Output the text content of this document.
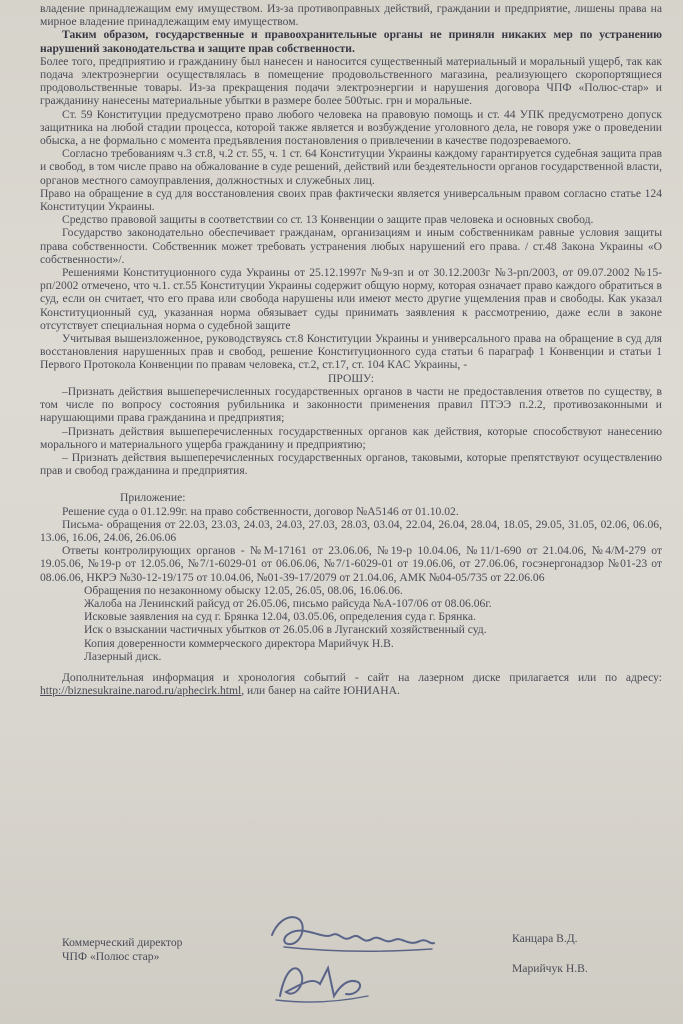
владение принадлежащим ему имуществом. Из-за противоправных действий, граждании и предприятие, лишены права на мирное владение принадлежащим ему имуществом.

Таким образом, государственные и правоохранительные органы не приняли никаких мер по устранению нарушений законодательства и защите прав собственности.

Более того, предприятию и гражданину был нанесен и наносится существенный материальный и моральный ущерб, так как подача электроэнергии осуществлялась в помещение продовольственного магазина, реализующего скоропортящиеся продовольственные товары. Из-за прекращения подачи электроэнергии и нарушения договора ЧПФ «Полюс-стар» и гражданину нанесены материальные убытки в размере более 500тыс. грн и моральные.

Ст. 59 Конституции предусмотрено право любого человека на правовую помощь и ст. 44 УПК предусмотрено допуск защитника на любой стадии процесса, которой также является и возбуждение уголовного дела, не говоря уже о проведении обыска, а не формально с момента предъявления постановления о привлечении в качестве подозреваемого.

Согласно требованиям ч.3 ст.8, ч.2 ст. 55, ч. 1 ст. 64 Конституции Украины каждому гарантируется судебная защита прав и свобод, в том числе право на обжалование в суде решений, действий или бездеятельности органов государственной власти, органов местного самоуправления, должностных и служебных лиц.

Право на обращение в суд для восстановления своих прав фактически является универсальным правом согласно статье 124 Конституции Украины.

Средство правовой защиты в соответствии со ст. 13 Конвенции о защите прав человека и основных свобод.

Государство законодательно обеспечивает гражданам, организациям и иным собственникам равные условия защиты права собственности. Собственник может требовать устранения любых нарушений его права. / ст.48 Закона Украины «О собственности»/.

Решениями Конституционного суда Украины от 25.12.1997г №9-зп и от 30.12.2003г №3-рп/2003, от 09.07.2002 №15-рп/2002 отмечено, что ч.1. ст.55 Конституции Украины содержит общую норму, которая означает право каждого обратиться в суд, если он считает, что его права или свобода нарушены или имеют место другие ущемления прав и свободы. Как указал Конституционный суд, указанная норма обязывает суды принимать заявления к рассмотрению, даже если в законе отсутствует специальная норма о судебной защите

Учитывая вышеизложенное, руководствуясь ст.8 Конституции Украины и универсального права на обращение в суд для восстановления нарушенных прав и свобод, решение Конституционного суда статьи 6 параграф 1 Конвенции и статьи 1 Первого Протокола Конвенции по правам человека, ст.2, ст.17, ст. 104 КАС Украины, -

ПРОШУ:

–Признать действия вышеперечисленных государственных органов в части не предоставления ответов по существу, в том числе по вопросу состояния рубильника и законности применения правил ПТЭЭ п.2.2, противозаконными и нарушающими права гражданина и предприятия;

–Признать действия вышеперечисленных государственных органов как действия, которые способствуют нанесению морального и материального ущерба гражданину и предприятию;

– Признать действия вышеперечисленных государственных органов, таковыми, которые препятствуют осуществлению прав и свобод гражданина и предприятия.

Приложение:

Решение суда о 01.12.99г. на право собственности, договор №А5146 от 01.10.02.

Письма- обращения от 22.03, 23.03, 24.03, 24.03, 27.03, 28.03, 03.04, 22.04, 26.04, 28.04, 18.05, 29.05, 31.05, 02.06, 06.06, 13.06, 16.06, 24.06, 26.06.06

Ответы контролирующих органов - №М-17161 от 23.06.06, №19-р 10.04.06, №11/1-690 от 21.04.06, №4/М-279 от 19.05.06, №19-р от 12.05.06, №7/1-6029-01 от 06.06.06, №7/1-6029-01 от 19.06.06, от 27.06.06, госэнергонадзор №01-23 от 08.06.06, НКРЭ №30-12-19/175 от 10.04.06, №01-39-17/2079 от 21.04.06, АМК №04-05/735 от 22.06.06

Обращения по незаконному обыску 12.05, 26.05, 08.06, 16.06.06.

Жалоба на Ленинский райсуд от 26.05.06, письмо райсуда №А-107/06 от 08.06.06г.

Исковые заявления на суд г. Брянка 12.04, 03.05.06, определения суда г. Брянка.

Иск о взыскании частичных убытков от 26.05.06 в Луганский хозяйственный суд.

Копия доверенности коммерческого директора Марийчук Н.В.

Лазерный диск.

Дополнительная информация и хронология событий - сайт на лазерном диске прилагается или по адресу: http://biznesukraine.narod.ru/aphecirk.html, или банер на сайте ЮНИАНА.

Коммерческий директор
ЧПФ «Полюс стар»
Канцара В.Д.
Марийчук Н.В.
